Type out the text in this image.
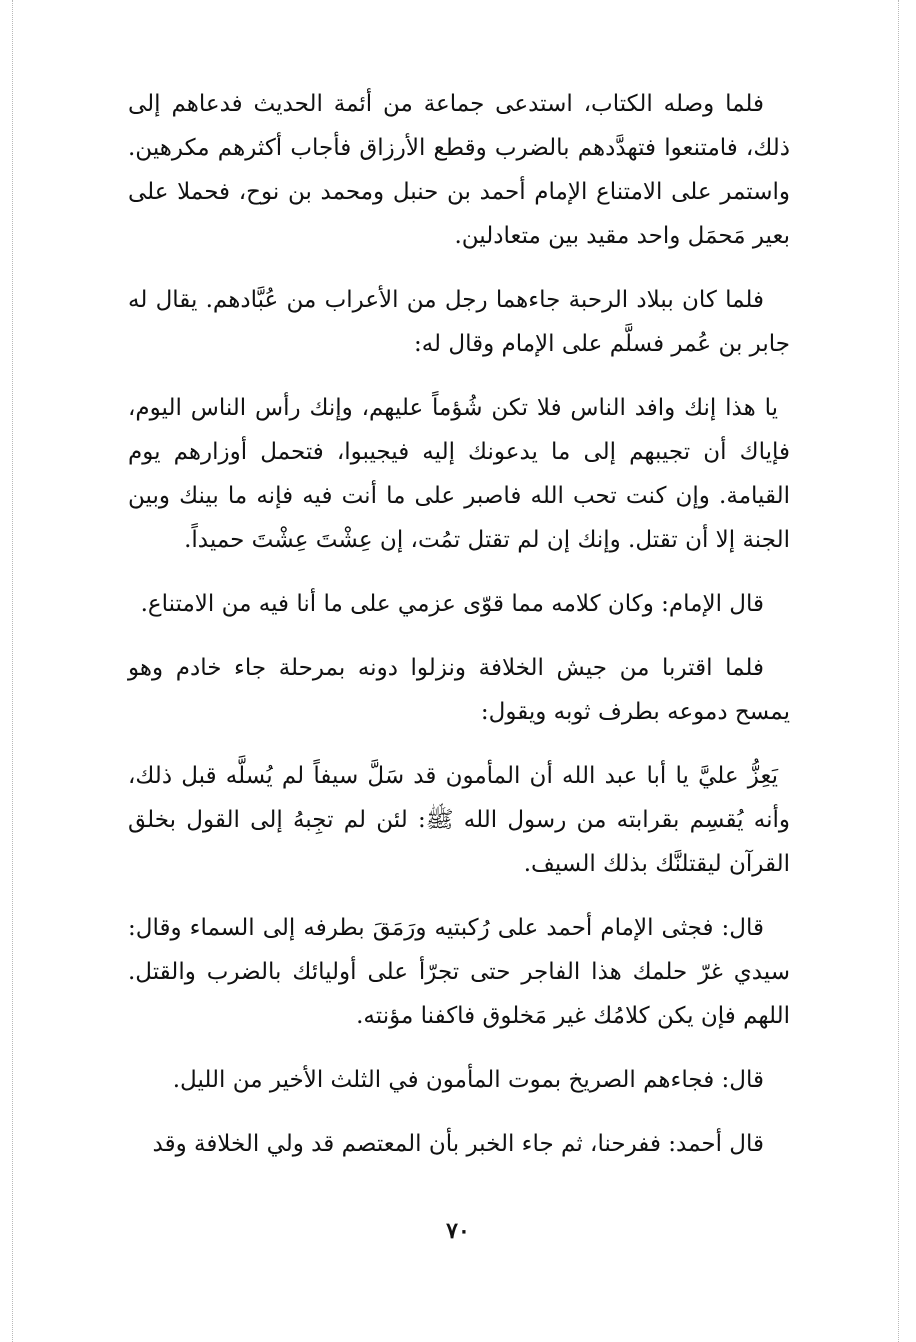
فلما وصله الكتاب، استدعى جماعة من أئمة الحديث فدعاهم إلى ذلك، فامتنعوا فتهدَّدهم بالضرب وقطع الأرزاق فأجاب أكثرهم مكرهين. واستمر على الامتناع الإمام أحمد بن حنبل ومحمد بن نوح، فحملا على بعير مَحمَل واحد مقيد بين متعادلين.

فلما كان ببلاد الرحبة جاءهما رجل من الأعراب من عُبَّادهم. يقال له جابر بن عُمر فسلَّم على الإمام وقال له:

يا هذا إنك وافد الناس فلا تكن شُؤماً عليهم، وإنك رأس الناس اليوم، فإياك أن تجيبهم إلى ما يدعونك إليه فيجيبوا، فتحمل أوزارهم يوم القيامة. وإن كنت تحب الله فاصبر على ما أنت فيه فإنه ما بينك وبين الجنة إلا أن تقتل. وإنك إن لم تقتل تمُت، إن عِشْتَ عِشْتَ حميداً.

قال الإمام: وكان كلامه مما قوّى عزمي على ما أنا فيه من الامتناع.

فلما اقتربا من جيش الخلافة ونزلوا دونه بمرحلة جاء خادم وهو يمسح دموعه بطرف ثوبه ويقول:

يَعِزُّ عليَّ يا أبا عبد الله أن المأمون قد سَلَّ سيفاً لم يُسلَّه قبل ذلك، وأنه يُقسِم بقرابته من رسول الله ﷺ: لئن لم تجِبهُ إلى القول بخلق القرآن ليقتلنَّك بذلك السيف.

قال: فجثى الإمام أحمد على رُكبتيه ورَمَقَ بطرفه إلى السماء وقال: سيدي غرّ حلمك هذا الفاجر حتى تجرّأ على أوليائك بالضرب والقتل. اللهم فإن يكن كلامُك غير مَخلوق فاكفنا مؤنته.

قال: فجاءهم الصريخ بموت المأمون في الثلث الأخير من الليل.

قال أحمد: ففرحنا، ثم جاء الخبر بأن المعتصم قد ولي الخلافة وقد

٧٠
